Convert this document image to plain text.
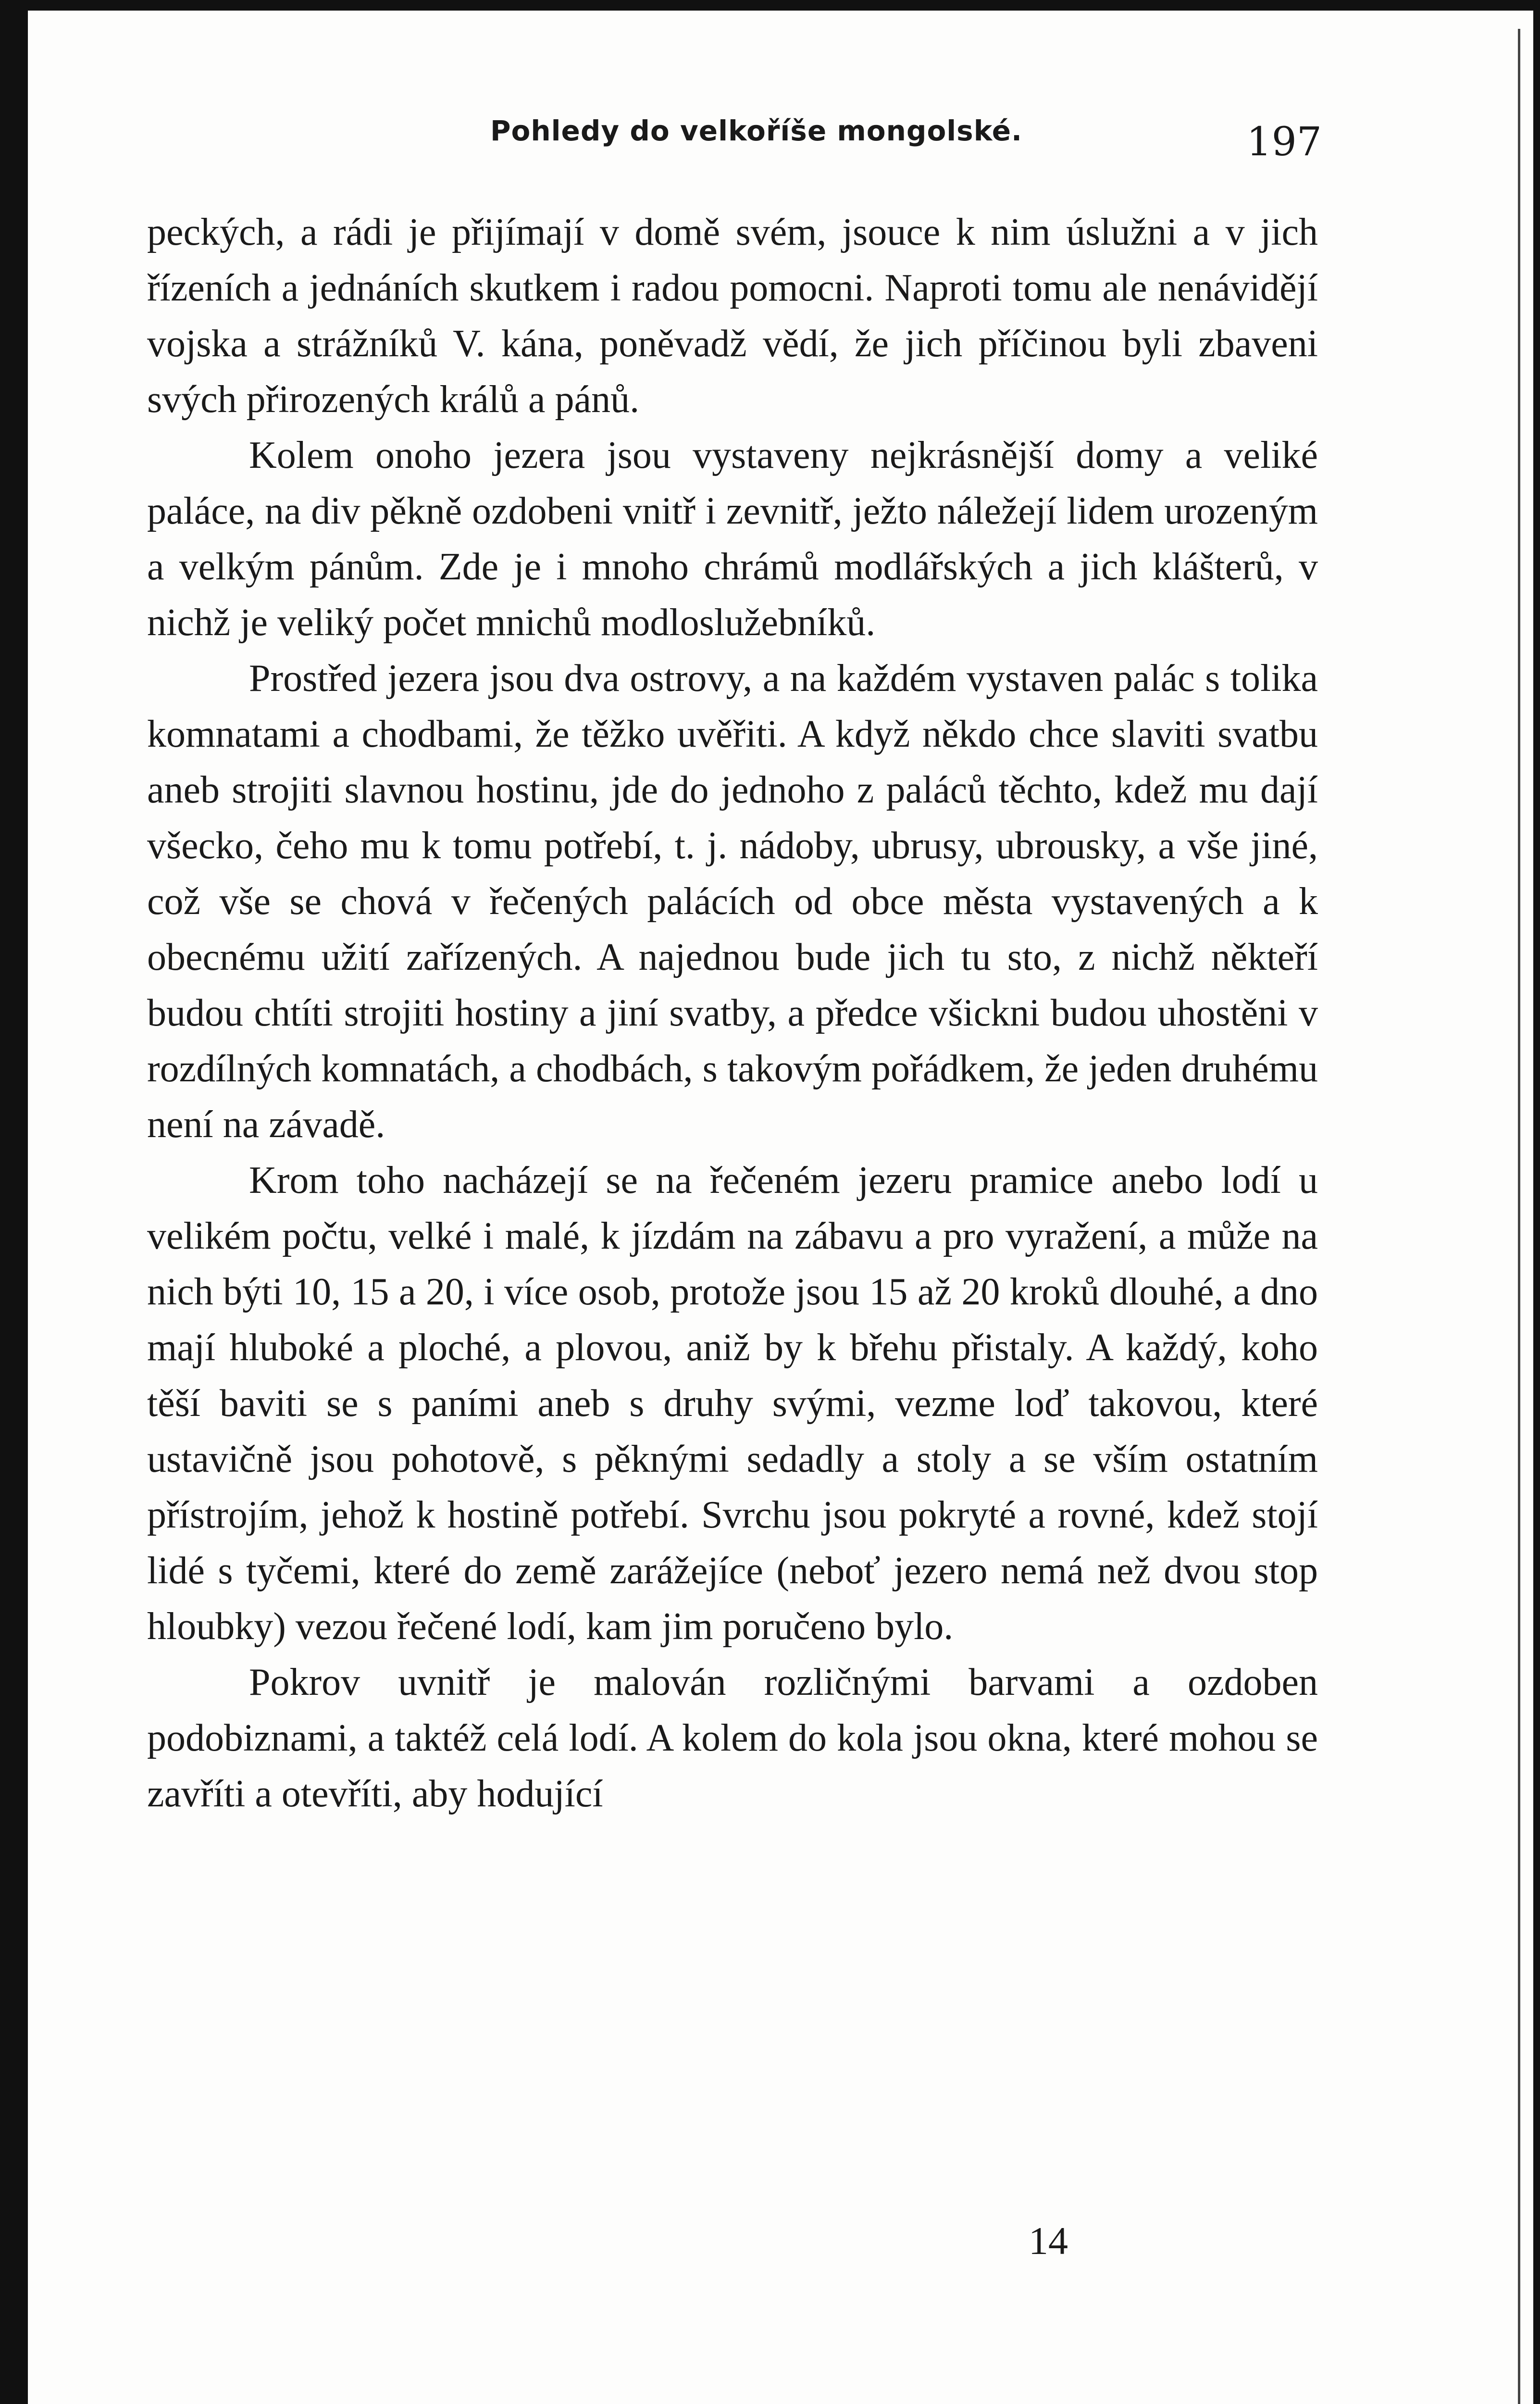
Pohledy do velkoříše mongolské.	197

peckých, a rádi je přijímají v domě svém, jsouce k nim úslužni a v jich řízeních a jednáních skutkem i radou pomocni. Naproti tomu ale nenávidějí vojska a strážníků V. kána, poněvadž vědí, že jich příčinou byli zbaveni svých přirozených králů a pánů.

Kolem onoho jezera jsou vystaveny nejkrásnější domy a veliké paláce, na div pěkně ozdobeni vnitř i zevnitř, ježto náležejí lidem urozeným a velkým pánům. Zde je i mnoho chrámů modlářských a jich klášterů, v nichž je veliký počet mnichů modloslužebníků.

Prostřed jezera jsou dva ostrovy, a na každém vystaven palác s tolika komnatami a chodbami, že těžko uvěřiti. A když někdo chce slaviti svatbu aneb strojiti slavnou hostinu, jde do jednoho z paláců těchto, kdež mu dají všecko, čeho mu k tomu potřebí, t. j. nádoby, ubrusy, ubrousky, a vše jiné, což vše se chová v řečených palácích od obce města vystavených a k obecnému užití zařízených. A najednou bude jich tu sto, z nichž někteří budou chtíti strojiti hostiny a jiní svatby, a předce všickni budou uhostěni v rozdílných komnatách, a chodbách, s takovým pořádkem, že jeden druhému není na závadě.

Krom toho nacházejí se na řečeném jezeru pramice anebo lodí u velikém počtu, velké i malé, k jízdám na zábavu a pro vyražení, a může na nich býti 10, 15 a 20, i více osob, protože jsou 15 až 20 kroků dlouhé, a dno mají hluboké a ploché, a plovou, aniž by k břehu přistaly. A každý, koho těší baviti se s paními aneb s druhy svými, vezme loď takovou, které ustavičně jsou pohotově, s pěknými sedadly a stoly a se vším ostatním přístrojím, jehož k hostině potřebí. Svrchu jsou pokryté a rovné, kdež stojí lidé s tyčemi, které do země zarážejíce (neboť jezero nemá než dvou stop hloubky) vezou řečené lodí, kam jim poručeno bylo.

Pokrov uvnitř je malován rozličnými barvami a ozdoben podobiznami, a taktéž celá lodí. A kolem do kola jsou okna, které mohou se zavříti a otevříti, aby hodující

14
